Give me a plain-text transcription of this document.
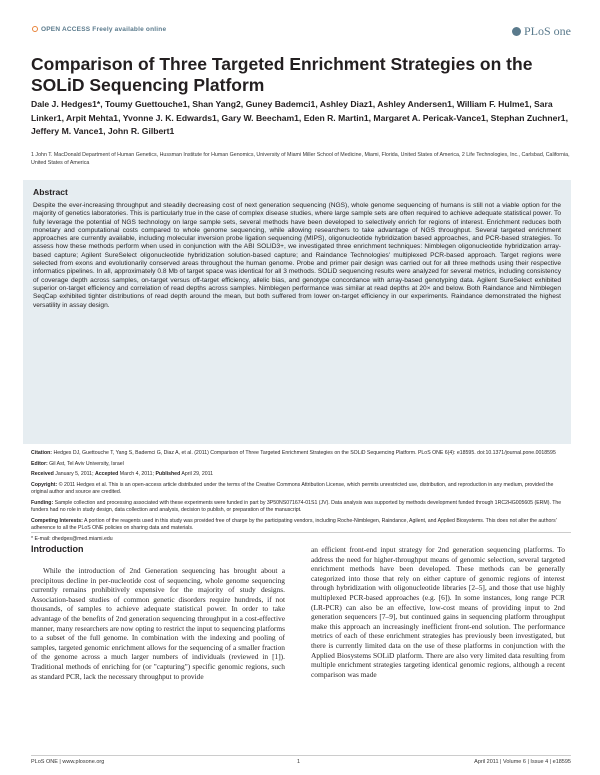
OPEN ACCESS Freely available online	PLoS one
Comparison of Three Targeted Enrichment Strategies on the SOLiD Sequencing Platform
Dale J. Hedges1*, Toumy Guettouche1, Shan Yang2, Guney Bademci1, Ashley Diaz1, Ashley Andersen1, William F. Hulme1, Sara Linker1, Arpit Mehta1, Yvonne J. K. Edwards1, Gary W. Beecham1, Eden R. Martin1, Margaret A. Pericak-Vance1, Stephan Zuchner1, Jeffery M. Vance1, John R. Gilbert1
1 John T. MacDonald Department of Human Genetics, Hussman Institute for Human Genomics, University of Miami Miller School of Medicine, Miami, Florida, United States of America, 2 Life Technologies, Inc., Carlsbad, California, United States of America
Abstract

Despite the ever-increasing throughput and steadily decreasing cost of next generation sequencing (NGS), whole genome sequencing of humans is still not a viable option for the majority of genetics laboratories. This is particularly true in the case of complex disease studies, where large sample sets are often required to achieve adequate statistical power. To fully leverage the potential of NGS technology on large sample sets, several methods have been developed to selectively enrich for regions of interest. Enrichment reduces both monetary and computational costs compared to whole genome sequencing, while allowing researchers to take advantage of NGS throughput. Several targeted enrichment approaches are currently available, including molecular inversion probe ligation sequencing (MIPS), oligonucleotide hybridization based approaches, and PCR-based strategies. To assess how these methods perform when used in conjunction with the ABI SOLID3+, we investigated three enrichment techniques: Nimblegen oligonucleotide hybridization array-based capture; Agilent SureSelect oligonucleotide hybridization solution-based capture; and Raindance Technologies' multiplexed PCR-based approach. Target regions were selected from exons and evolutionarily conserved areas throughout the human genome. Probe and primer pair design was carried out for all three methods using their respective informatics pipelines. In all, approximately 0.8 Mb of target space was identical for all 3 methods. SOLiD sequencing results were analyzed for several metrics, including consistency of coverage depth across samples, on-target versus off-target efficiency, allelic bias, and genotype concordance with array-based genotyping data. Agilent SureSelect exhibited superior on-target efficiency and correlation of read depths across samples. Nimblegen performance was similar at read depths at 20× and below. Both Raindance and Nimblegen SeqCap exhibited tighter distributions of read depth around the mean, but both suffered from lower on-target efficiency in our experiments. Raindance demonstrated the highest versatility in assay design.

Citation: Hedges DJ, Guettouche T, Yang S, Bademci G, Diaz A, et al. (2011) Comparison of Three Targeted Enrichment Strategies on the SOLiD Sequencing Platform. PLoS ONE 6(4): e18595. doi:10.1371/journal.pone.0018595

Editor: Gil Ast, Tel Aviv University, Israel

Received January 5, 2011; Accepted March 4, 2011; Published April 29, 2011

Copyright: © 2011 Hedges et al. This is an open-access article distributed under the terms of the Creative Commons Attribution License, which permits unrestricted use, distribution, and reproduction in any medium, provided the original author and source are credited.

Funding: Sample collection and processing associated with these experiments were funded in part by 3P50NS071674-01S1 (JV). Data analysis was supported by methods development funded through 1RC2HG005605 (ERM). The funders had no role in study design, data collection and analysis, decision to publish, or preparation of the manuscript.

Competing Interests: A portion of the reagents used in this study was provided free of charge by the participating vendors, including Roche-Nimblegen, Raindance, Agilent, and Applied Biosystems. This does not alter the authors' adherence to all the PLoS ONE policies on sharing data and materials.

* E-mail: dhedges@med.miami.edu

Introduction

While the introduction of 2nd Generation sequencing has brought about a precipitous decline in per-nucleotide cost of sequencing, whole genome sequencing currently remains prohibitively expensive for the majority of study designs. Association-based studies of common genetic disorders require hundreds, if not thousands, of samples to achieve adequate statistical power. In order to take advantage of the benefits of 2nd generation sequencing throughput in a cost-effective manner, many researchers are now opting to restrict the input to sequencing platforms to a subset of the full genome. In combination with the indexing and pooling of samples, targeted genomic enrichment allows for the sequencing of a smaller fraction of the genome across a much larger numbers of individuals (reviewed in [1]). Traditional methods of enriching for (or "capturing") specific genomic regions, such as standard PCR, lack the necessary throughput to provide

an efficient front-end input strategy for 2nd generation sequencing platforms. To address the need for higher-throughput means of genomic selection, several targeted enrichment methods have been developed. These methods can be generally categorized into those that rely on either capture of genomic regions of interest through hybridization with oligonucleotide libraries [2–5], and those that use highly multiplexed PCR-based approaches (e.g. [6]). In some instances, long range PCR (LR-PCR) can also be an effective, low-cost means of providing input to 2nd generation sequencers [7–9], but continued gains in sequencing platform throughput make this approach an increasingly inefficient front-end solution. The performance metrics of each of these enrichment strategies has previously been investigated, but there is currently limited data on the use of these platforms in conjunction with the Applied Biosystems SOLiD platform. There are also very limited data resulting from multiple enrichment strategies targeting identical genomic regions, although a recent comparison was made

PLoS ONE | www.plosone.org	1	April 2011 | Volume 6 | Issue 4 | e18595
